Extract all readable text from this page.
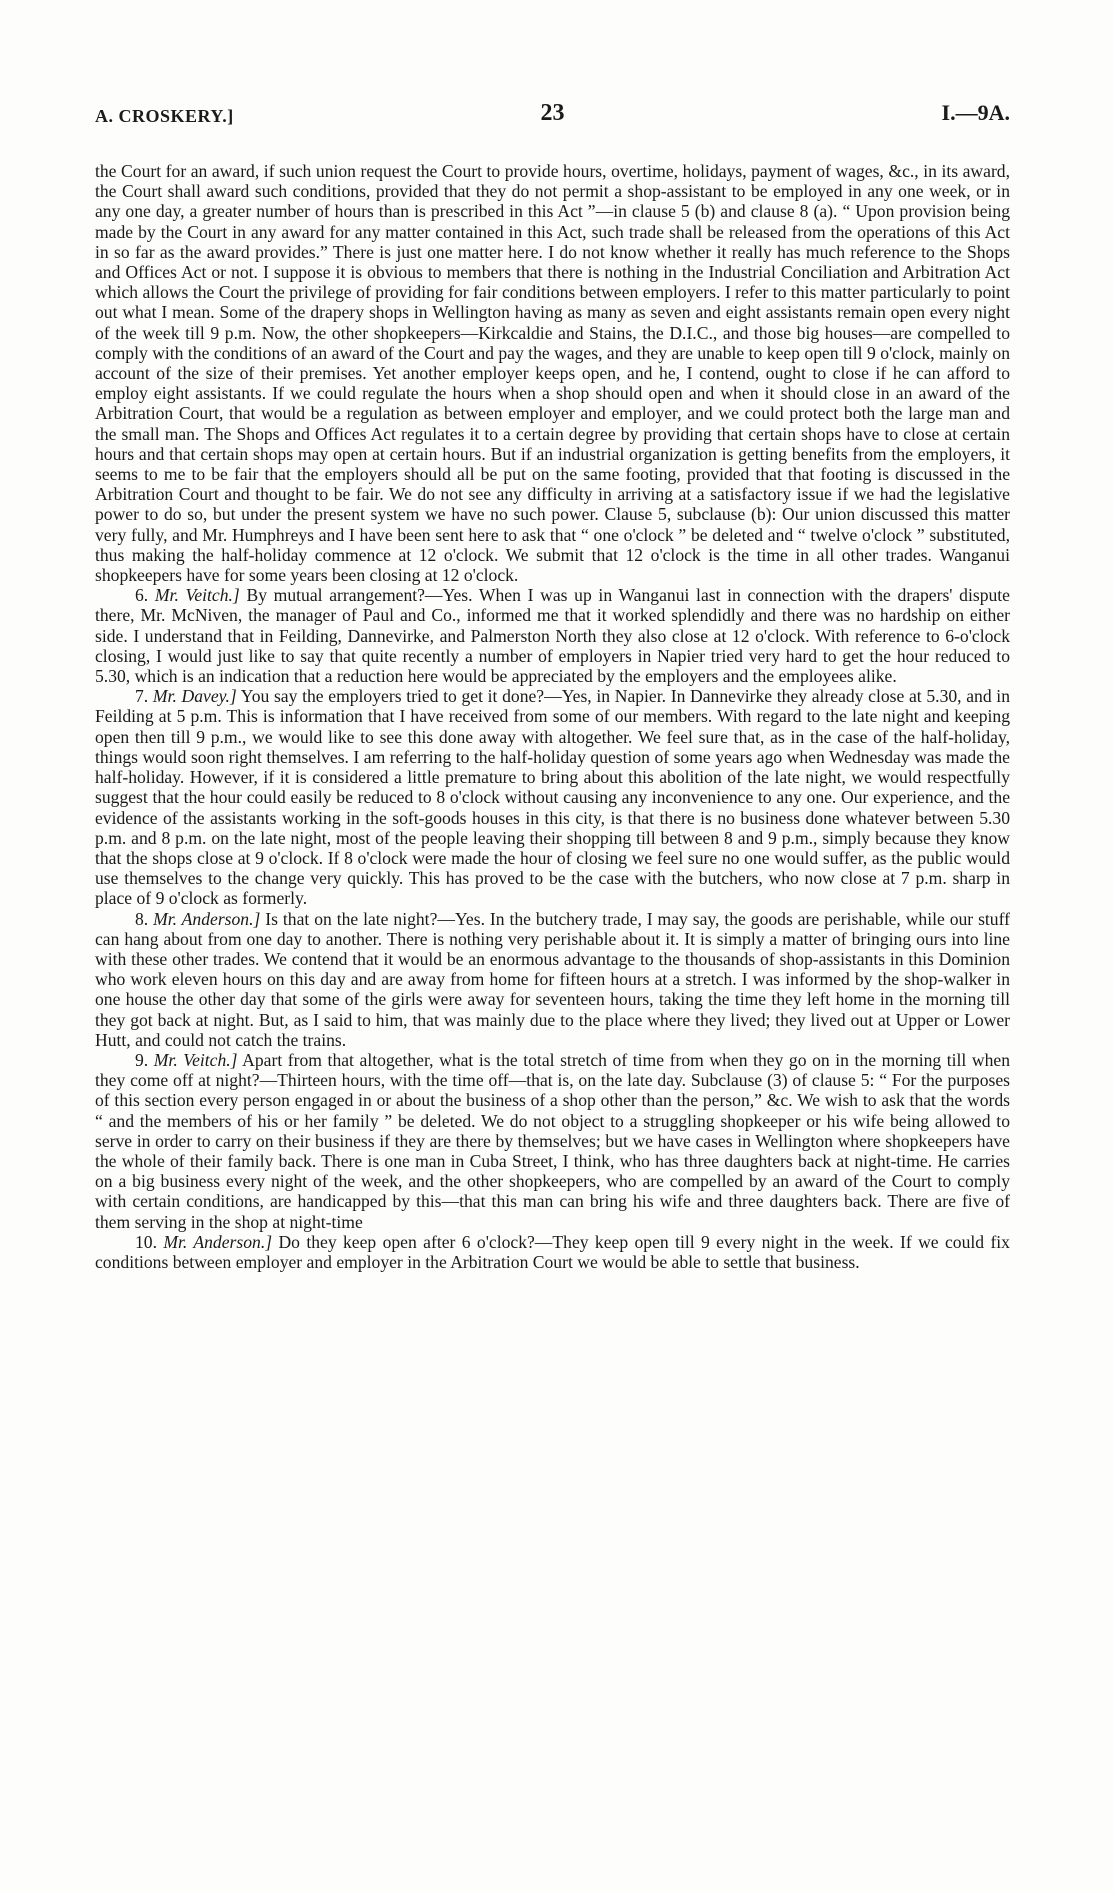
A. CROSKERY.]	23	I.—9A.

the Court for an award, if such union request the Court to provide hours, overtime, holidays, payment of wages, &c., in its award, the Court shall award such conditions, provided that they do not permit a shop-assistant to be employed in any one week, or in any one day, a greater number of hours than is prescribed in this Act ”—in clause 5 (b) and clause 8 (a). “ Upon provision being made by the Court in any award for any matter contained in this Act, such trade shall be released from the operations of this Act in so far as the award provides.” There is just one matter here. I do not know whether it really has much reference to the Shops and Offices Act or not. I suppose it is obvious to members that there is nothing in the Industrial Conciliation and Arbitration Act which allows the Court the privilege of providing for fair conditions between employers. I refer to this matter particularly to point out what I mean. Some of the drapery shops in Wellington having as many as seven and eight assistants remain open every night of the week till 9 p.m. Now, the other shopkeepers—Kirkcaldie and Stains, the D.I.C., and those big houses—are compelled to comply with the conditions of an award of the Court and pay the wages, and they are unable to keep open till 9 o'clock, mainly on account of the size of their premises. Yet another employer keeps open, and he, I contend, ought to close if he can afford to employ eight assistants. If we could regulate the hours when a shop should open and when it should close in an award of the Arbitration Court, that would be a regulation as between employer and employer, and we could protect both the large man and the small man. The Shops and Offices Act regulates it to a certain degree by providing that certain shops have to close at certain hours and that certain shops may open at certain hours. But if an industrial organization is getting benefits from the employers, it seems to me to be fair that the employers should all be put on the same footing, provided that that footing is discussed in the Arbitration Court and thought to be fair. We do not see any difficulty in arriving at a satisfactory issue if we had the legislative power to do so, but under the present system we have no such power. Clause 5, subclause (b): Our union discussed this matter very fully, and Mr. Humphreys and I have been sent here to ask that “ one o'clock ” be deleted and “ twelve o'clock ” substituted, thus making the half-holiday commence at 12 o'clock. We submit that 12 o'clock is the time in all other trades. Wanganui shopkeepers have for some years been closing at 12 o'clock.

6. Mr. Veitch.] By mutual arrangement?—Yes. When I was up in Wanganui last in connection with the drapers' dispute there, Mr. McNiven, the manager of Paul and Co., informed me that it worked splendidly and there was no hardship on either side. I understand that in Feilding, Dannevirke, and Palmerston North they also close at 12 o'clock. With reference to 6-o'clock closing, I would just like to say that quite recently a number of employers in Napier tried very hard to get the hour reduced to 5.30, which is an indication that a reduction here would be appreciated by the employers and the employees alike.

7. Mr. Davey.] You say the employers tried to get it done?—Yes, in Napier. In Dannevirke they already close at 5.30, and in Feilding at 5 p.m. This is information that I have received from some of our members. With regard to the late night and keeping open then till 9 p.m., we would like to see this done away with altogether. We feel sure that, as in the case of the half-holiday, things would soon right themselves. I am referring to the half-holiday question of some years ago when Wednesday was made the half-holiday. However, if it is considered a little premature to bring about this abolition of the late night, we would respectfully suggest that the hour could easily be reduced to 8 o'clock without causing any inconvenience to any one. Our experience, and the evidence of the assistants working in the soft-goods houses in this city, is that there is no business done whatever between 5.30 p.m. and 8 p.m. on the late night, most of the people leaving their shopping till between 8 and 9 p.m., simply because they know that the shops close at 9 o'clock. If 8 o'clock were made the hour of closing we feel sure no one would suffer, as the public would use themselves to the change very quickly. This has proved to be the case with the butchers, who now close at 7 p.m. sharp in place of 9 o'clock as formerly.

8. Mr. Anderson.] Is that on the late night?—Yes. In the butchery trade, I may say, the goods are perishable, while our stuff can hang about from one day to another. There is nothing very perishable about it. It is simply a matter of bringing ours into line with these other trades. We contend that it would be an enormous advantage to the thousands of shop-assistants in this Dominion who work eleven hours on this day and are away from home for fifteen hours at a stretch. I was informed by the shop-walker in one house the other day that some of the girls were away for seventeen hours, taking the time they left home in the morning till they got back at night. But, as I said to him, that was mainly due to the place where they lived; they lived out at Upper or Lower Hutt, and could not catch the trains.

9. Mr. Veitch.] Apart from that altogether, what is the total stretch of time from when they go on in the morning till when they come off at night?—Thirteen hours, with the time off—that is, on the late day. Subclause (3) of clause 5: “ For the purposes of this section every person engaged in or about the business of a shop other than the person,” &c. We wish to ask that the words “ and the members of his or her family ” be deleted. We do not object to a struggling shopkeeper or his wife being allowed to serve in order to carry on their business if they are there by themselves; but we have cases in Wellington where shopkeepers have the whole of their family back. There is one man in Cuba Street, I think, who has three daughters back at night-time. He carries on a big business every night of the week, and the other shopkeepers, who are compelled by an award of the Court to comply with certain conditions, are handicapped by this—that this man can bring his wife and three daughters back. There are five of them serving in the shop at night-time

10. Mr. Anderson.] Do they keep open after 6 o'clock?—They keep open till 9 every night in the week. If we could fix conditions between employer and employer in the Arbitration Court we would be able to settle that business.
